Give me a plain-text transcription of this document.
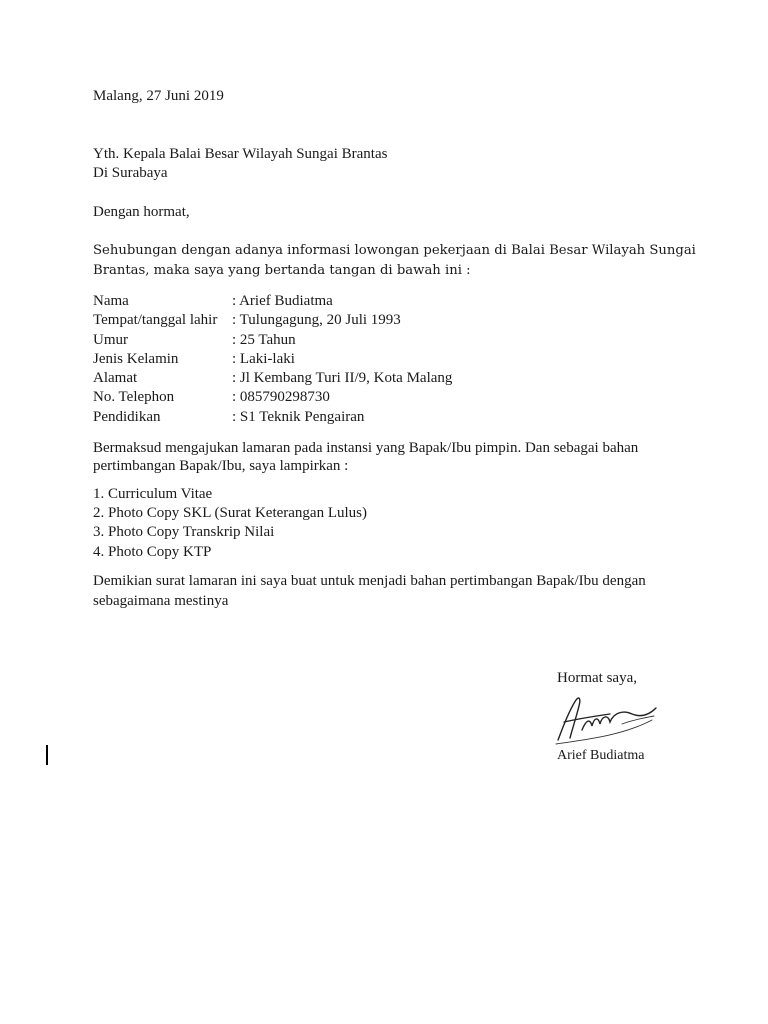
Malang, 27 Juni 2019
Yth. Kepala Balai Besar Wilayah Sungai Brantas
Di Surabaya
Dengan hormat,
Sehubungan dengan adanya informasi lowongan pekerjaan di Balai Besar Wilayah Sungai
Brantas, maka saya yang bertanda tangan di bawah ini :
Nama	: Arief Budiatma
Tempat/tanggal lahir : Tulungagung, 20 Juli 1993
Umur	: 25 Tahun
Jenis Kelamin	: Laki-laki
Alamat	: Jl Kembang Turi II/9, Kota Malang
No. Telephon	: 085790298730
Pendidikan	: S1 Teknik Pengairan
Bermaksud mengajukan lamaran pada instansi yang Bapak/Ibu pimpin. Dan sebagai bahan
pertimbangan Bapak/Ibu, saya lampirkan :
1. Curriculum Vitae
2. Photo Copy SKL (Surat Keterangan Lulus)
3. Photo Copy Transkrip Nilai
4. Photo Copy KTP
Demikian surat lamaran ini saya buat untuk menjadi bahan pertimbangan Bapak/Ibu dengan
sebagaimana mestinya
Hormat saya,
Arief Budiatma
